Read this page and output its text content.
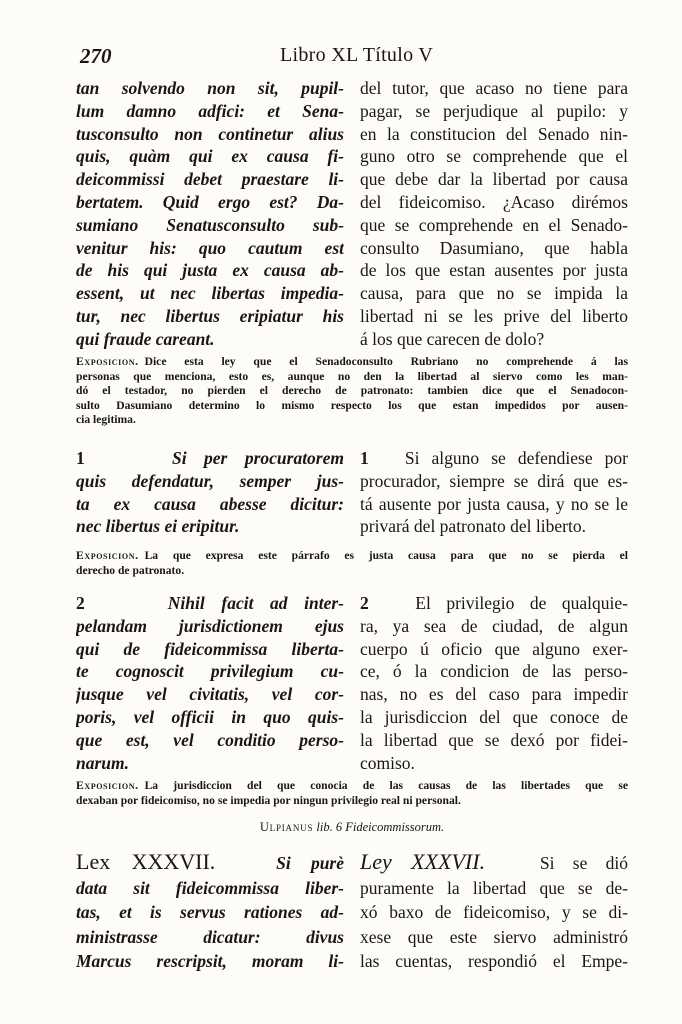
270	Libro XL Título V
tan solvendo non sit, pupil-
lum damno adfici: et Sena-
tusconsulto non continetur alius
quis, quàm qui ex causa fi-
deicommissi debet praestare li-
bertatem. Quid ergo est? Da-
sumiano Senatusconsulto sub-
venitur his: quo cautum est
de his qui justa ex causa ab-
essent, ut nec libertas impedia-
tur, nec libertus eripiatur his
qui fraude careant.
del tutor, que acaso no tiene para
pagar, se perjudique al pupilo: y
en la constitucion del Senado nin-
guno otro se comprehende que el
que debe dar la libertad por causa
del fideicomiso. ¿Acaso dirémos
que se comprehende en el Senado-
consulto Dasumiano, que habla
de los que estan ausentes por justa
causa, para que no se impida la
libertad ni se les prive del liberto
á los que carecen de dolo?
Exposicion. Dice esta ley que el Senadoconsulto Rubriano no comprehende á las
personas que menciona, esto es, aunque no den la libertad al siervo como les man-
dó el testador, no pierden el derecho de patronato: tambien dice que el Senadocon-
sulto Dasumiano determino lo mismo respecto los que estan impedidos por ausen-
cia legitima.
1	Si per procuratorem
quis defendatur, semper jus-
ta ex causa abesse dicitur:
nec libertus ei eripitur.
1 Si alguno se defendiese por
procurador, siempre se dirá que es-
tá ausente por justa causa, y no se le
privará del patronato del liberto.
Exposicion. La que expresa este párrafo es justa causa para que no se pierda el
derecho de patronato.
2	Nihil facit ad inter-
pelandam jurisdictionem ejus
qui de fideicommissa liberta-
te cognoscit privilegium cu-
jusque vel civitatis, vel cor-
poris, vel officii in quo quis-
que est, vel conditio perso-
narum.
2	El privilegio de qualquie-
ra, ya sea de ciudad, de algun
cuerpo ú oficio que alguno exer-
ce, ó la condicion de las perso-
nas, no es del caso para impedir
la jurisdiccion del que conoce de
la libertad que se dexó por fidei-
comiso.
Exposicion. La jurisdiccion del que conocia de las causas de las libertades que se
dexaban por fideicomiso, no se impedia por ningun privilegio real ni personal.
Ulpianus lib. 6 Fideicommissorum.
Lex XXXVII.	Si purè
data sit fideicommissa liber-
tas, et is servus rationes ad-
ministrasse dicatur: divus
Marcus rescripsit, moram li-
Ley XXXVII.	Si se dió
puramente la libertad que se de-
xó baxo de fideicomiso, y se di-
xese que este siervo administró
las cuentas, respondió el Empe-
